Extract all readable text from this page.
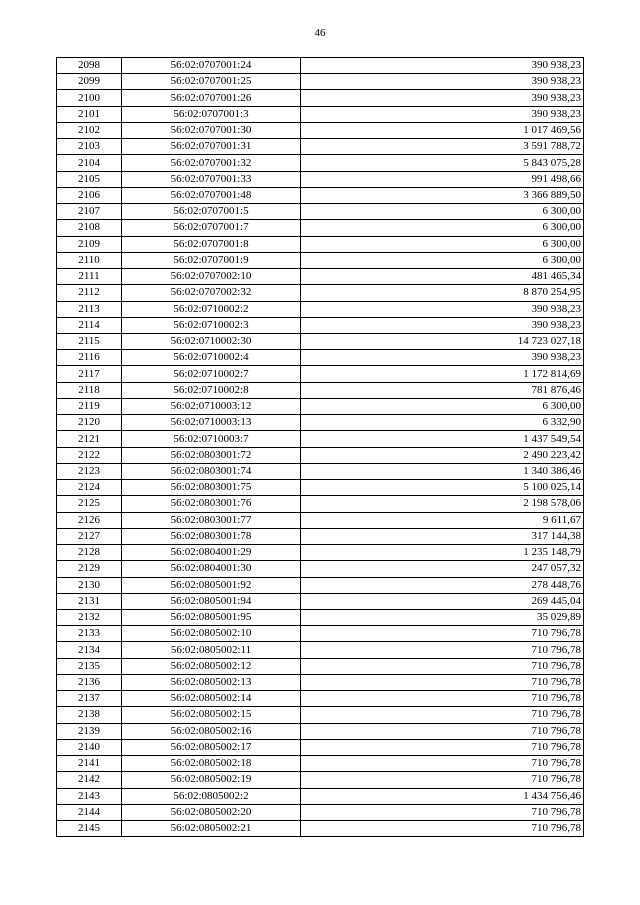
46
2098	56:02:0707001:24	390 938,23
2099	56:02:0707001:25	390 938,23
2100	56:02:0707001:26	390 938,23
2101	56:02:0707001:3	390 938,23
2102	56:02:0707001:30	1 017 469,56
2103	56:02:0707001:31	3 591 788,72
2104	56:02:0707001:32	5 843 075,28
2105	56:02:0707001:33	991 498,66
2106	56:02:0707001:48	3 366 889,50
2107	56:02:0707001:5	6 300,00
2108	56:02:0707001:7	6 300,00
2109	56:02:0707001:8	6 300,00
2110	56:02:0707001:9	6 300,00
2111	56:02:0707002:10	481 465,34
2112	56:02:0707002:32	8 870 254,95
2113	56:02:0710002:2	390 938,23
2114	56:02:0710002:3	390 938,23
2115	56:02:0710002:30	14 723 027,18
2116	56:02:0710002:4	390 938,23
2117	56:02:0710002:7	1 172 814,69
2118	56:02:0710002:8	781 876,46
2119	56:02:0710003:12	6 300,00
2120	56:02:0710003:13	6 332,90
2121	56:02:0710003:7	1 437 549,54
2122	56:02:0803001:72	2 490 223,42
2123	56:02:0803001:74	1 340 386,46
2124	56:02:0803001:75	5 100 025,14
2125	56:02:0803001:76	2 198 578,06
2126	56:02:0803001:77	9 611,67
2127	56:02:0803001:78	317 144,38
2128	56:02:0804001:29	1 235 148,79
2129	56:02:0804001:30	247 057,32
2130	56:02:0805001:92	278 448,76
2131	56:02:0805001:94	269 445,04
2132	56:02:0805001:95	35 029,89
2133	56:02:0805002:10	710 796,78
2134	56:02:0805002:11	710 796,78
2135	56:02:0805002:12	710 796,78
2136	56:02:0805002:13	710 796,78
2137	56:02:0805002:14	710 796,78
2138	56:02:0805002:15	710 796,78
2139	56:02:0805002:16	710 796,78
2140	56:02:0805002:17	710 796,78
2141	56:02:0805002:18	710 796,78
2142	56:02:0805002:19	710 796,78
2143	56:02:0805002:2	1 434 756,46
2144	56:02:0805002:20	710 796,78
2145	56:02:0805002:21	710 796,78
